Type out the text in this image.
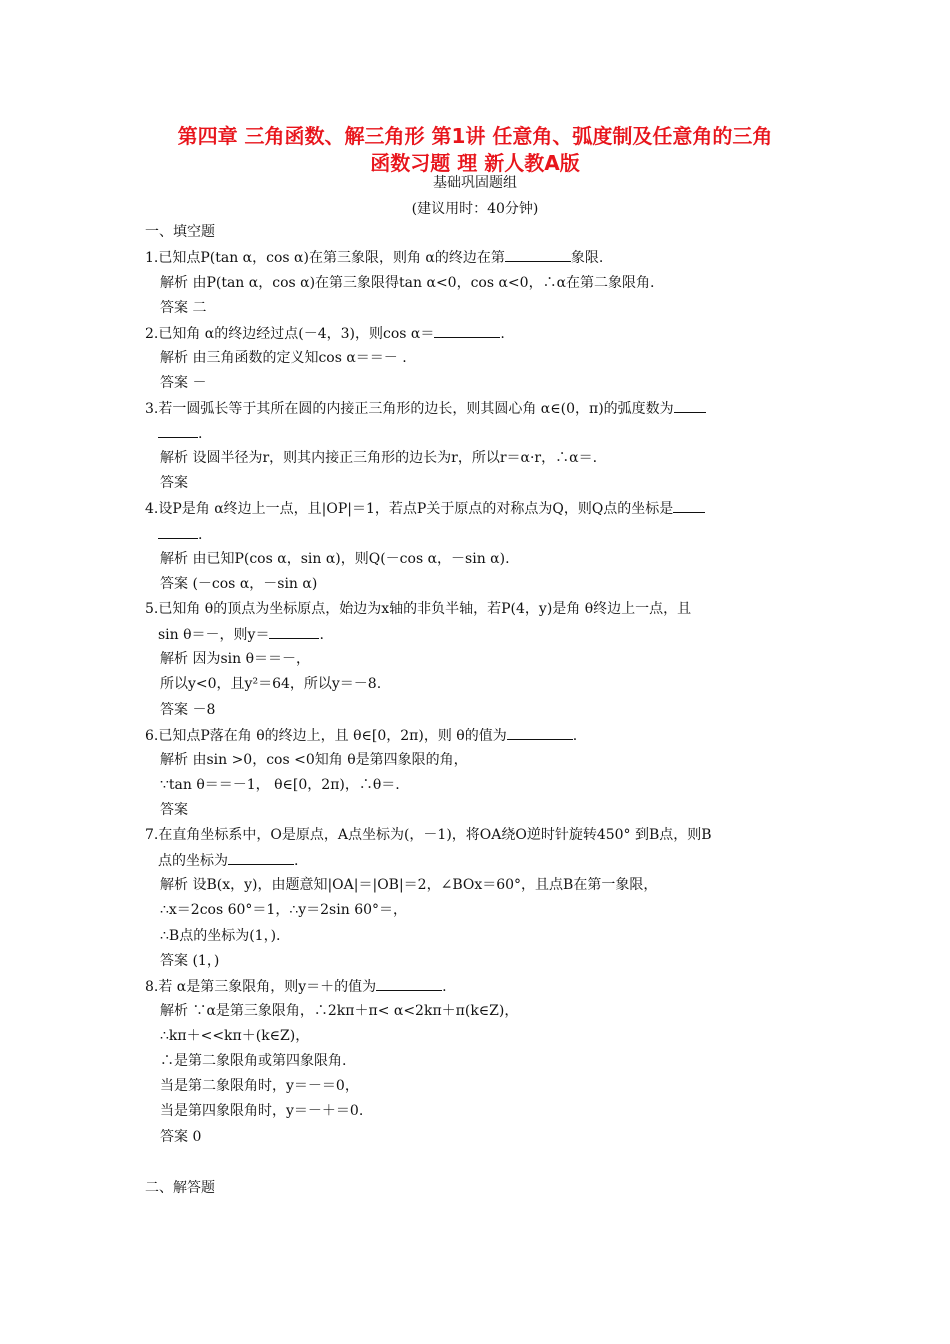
第四章 三角函数、解三角形 第1讲 任意角、弧度制及任意角的三角
函数习题 理 新人教A版
基础巩固题组
(建议用时：40分钟)
一、填空题
1.已知点P(tan α，cos α)在第三象限，则角 α的终边在第	象限.
解析 由P(tan α，cos α)在第三象限得tan α<0，cos α<0，∴α在第二象限角.
答案 二
2.已知角 α的终边经过点(－4，3)，则cos α＝	.
解析 由三角函数的定义知cos α＝＝－ .
答案 －
3.若一圆弧长等于其所在圆的内接正三角形的边长，则其圆心角 α∈(0，π)的弧度数为
.
解析 设圆半径为r，则其内接正三角形的边长为r，所以r＝α·r，∴α＝.
答案
4.设P是角 α终边上一点，且|OP|＝1，若点P关于原点的对称点为Q，则Q点的坐标是
.
解析 由已知P(cos α，sin α)，则Q(－cos α，－sin α).
答案 (－cos α，－sin α)
5.已知角 θ的顶点为坐标原点，始边为x轴的非负半轴，若P(4，y)是角 θ终边上一点，且
sin θ＝－，则y＝	.
解析 因为sin θ＝＝－，
所以y<0，且y²＝64，所以y＝－8.
答案 －8
6.已知点P落在角 θ的终边上，且 θ∈[0，2π)，则 θ的值为	.
解析 由sin >0，cos <0知角 θ是第四象限的角，
∵tan θ＝＝－1， θ∈[0，2π)，∴θ＝.
答案
7.在直角坐标系中，O是原点，A点坐标为(，－1)，将OA绕O逆时针旋转450° 到B点，则B
点的坐标为	.
解析 设B(x，y)，由题意知|OA|＝|OB|＝2，∠BOx＝60°，且点B在第一象限，
∴x＝2cos 60°＝1，∴y＝2sin 60°＝，
∴B点的坐标为(1，).
答案 (1，)
8.若 α是第三象限角，则y＝＋的值为	.
解析 ∵α是第三象限角，∴2kπ＋π< α<2kπ＋π(k∈Z)，
∴kπ＋<<kπ＋(k∈Z)，
∴是第二象限角或第四象限角.
当是第二象限角时，y＝－＝0，
当是第四象限角时，y＝－＋＝0.
答案 0
二、解答题
